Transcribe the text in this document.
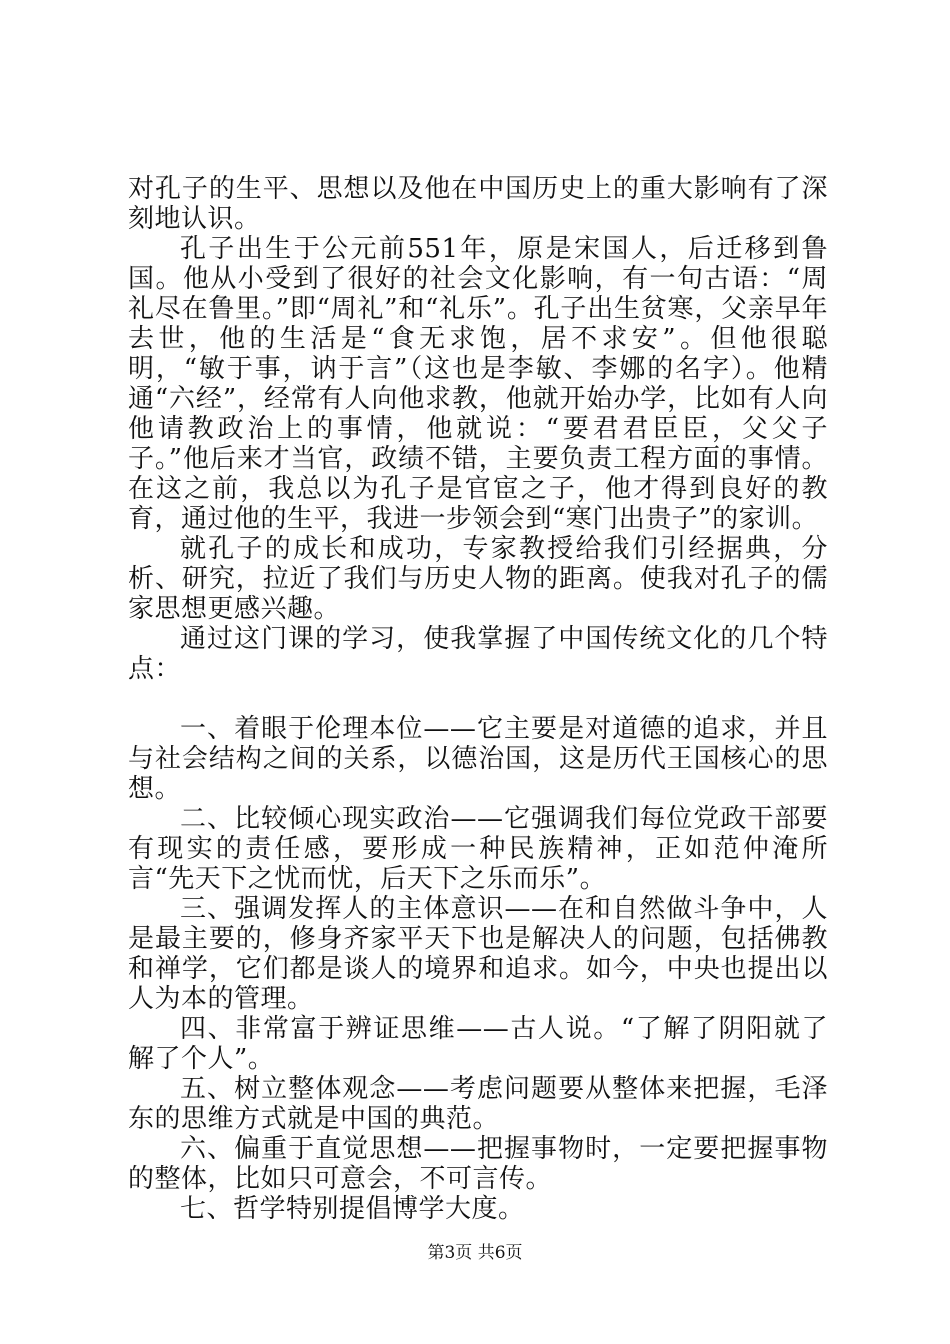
对孔子的生平、思想以及他在中国历史上的重大影响有了深刻地认识。

孔子出生于公元前551年，原是宋国人，后迁移到鲁国。他从小受到了很好的社会文化影响，有一句古语：“周礼尽在鲁里。”即“周礼”和“礼乐”。孔子出生贫寒，父亲早年去世，他的生活是“食无求饱，居不求安”。但他很聪明，“敏于事，讷于言”（这也是李敏、李娜的名字）。他精通“六经”，经常有人向他求教，他就开始办学，比如有人向他请教政治上的事情，他就说：“要君君臣臣，父父子子。”他后来才当官，政绩不错，主要负责工程方面的事情。在这之前，我总以为孔子是官宦之子，他才得到良好的教育，通过他的生平，我进一步领会到“寒门出贵子”的家训。

就孔子的成长和成功，专家教授给我们引经据典，分析、研究，拉近了我们与历史人物的距离。使我对孔子的儒家思想更感兴趣。

通过这门课的学习，使我掌握了中国传统文化的几个特点：

一、着眼于伦理本位——它主要是对道德的追求，并且与社会结构之间的关系，以德治国，这是历代王国核心的思想。

二、比较倾心现实政治——它强调我们每位党政干部要有现实的责任感，要形成一种民族精神，正如范仲淹所言“先天下之忧而忧，后天下之乐而乐”。

三、强调发挥人的主体意识——在和自然做斗争中，人是最主要的，修身齐家平天下也是解决人的问题，包括佛教和禅学，它们都是谈人的境界和追求。如今，中央也提出以人为本的管理。

四、非常富于辨证思维——古人说。“了解了阴阳就了解了个人”。

五、树立整体观念——考虑问题要从整体来把握，毛泽东的思维方式就是中国的典范。

六、偏重于直觉思想——把握事物时，一定要把握事物的整体，比如只可意会，不可言传。

七、哲学特别提倡博学大度。

第3页 共6页
